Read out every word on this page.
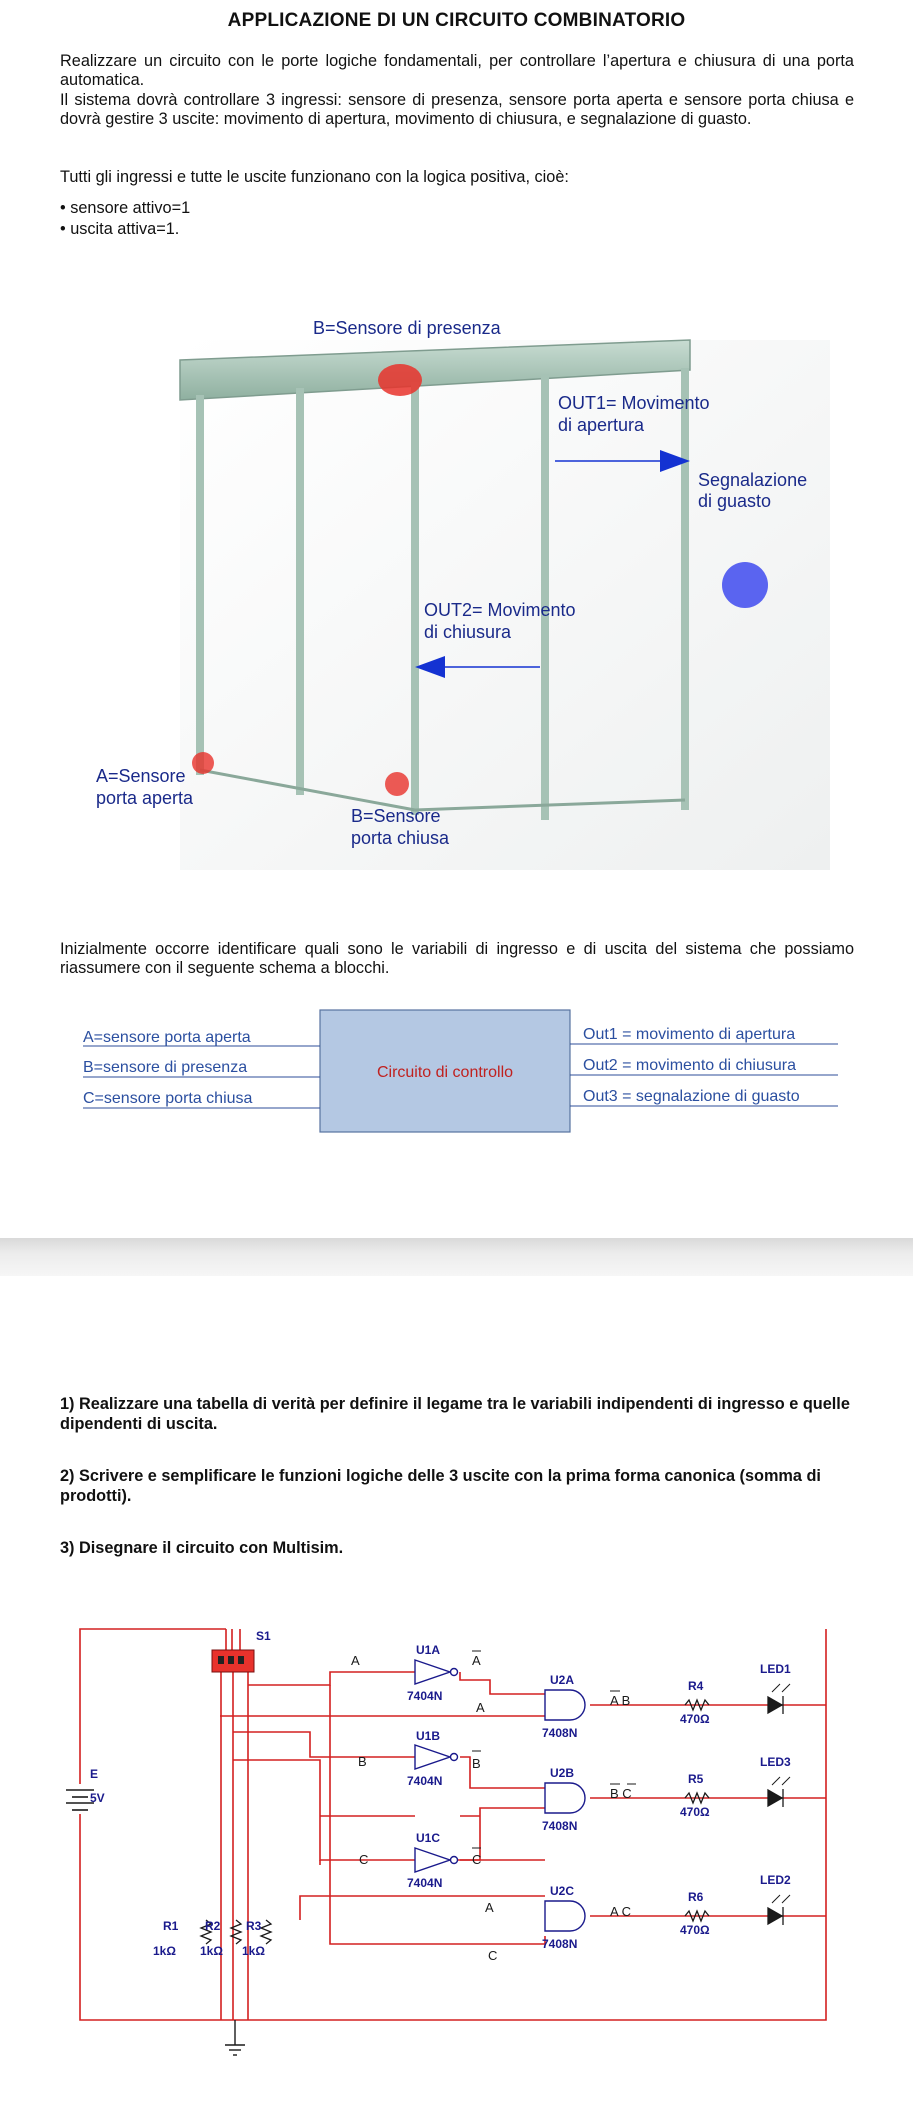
APPLICAZIONE DI UN CIRCUITO COMBINATORIO
Realizzare un circuito con le porte logiche fondamentali, per controllare l’apertura e chiusura di una porta automatica.
Il sistema dovrà controllare 3 ingressi: sensore di presenza, sensore porta aperta e sensore porta chiusa e dovrà gestire 3 uscite: movimento di apertura, movimento di chiusura, e segnalazione di guasto.
Tutti gli ingressi e tutte le uscite funzionano con la logica positiva, cioè:
• sensore attivo=1
• uscita attiva=1.
B=Sensore di presenza
OUT1= Movimento
di apertura
Segnalazione
di guasto
OUT2= Movimento
di chiusura
A=Sensore
porta aperta
B=Sensore
porta chiusa
Inizialmente occorre identificare quali sono le variabili di ingresso e di uscita del sistema che possiamo riassumere con il seguente schema a blocchi.
Circuito di controllo
A=sensore porta aperta
B=sensore di presenza
C=sensore porta chiusa
Out1 = movimento di apertura
Out2 = movimento di chiusura
Out3 = segnalazione di guasto
1) Realizzare una tabella di verità per definire il legame tra le variabili indipendenti di ingresso e quelle dipendenti di uscita.
2) Scrivere e semplificare le funzioni logiche delle 3 uscite con la prima forma canonica (somma di prodotti).
3) Disegnare il circuito con Multisim.
E
5V
S1
R1
1kΩ
R2
1kΩ
R3
1kΩ
U1A
7404N
U1B
7404N
U1C
7404N
A	A
B	B
C	C
U2A
7408N
U2B
7408N
U2C
7408N
A	A B
B C
A
C
A C
R4
470Ω
R5
470Ω
R6
470Ω
LED1
LED3
LED2
